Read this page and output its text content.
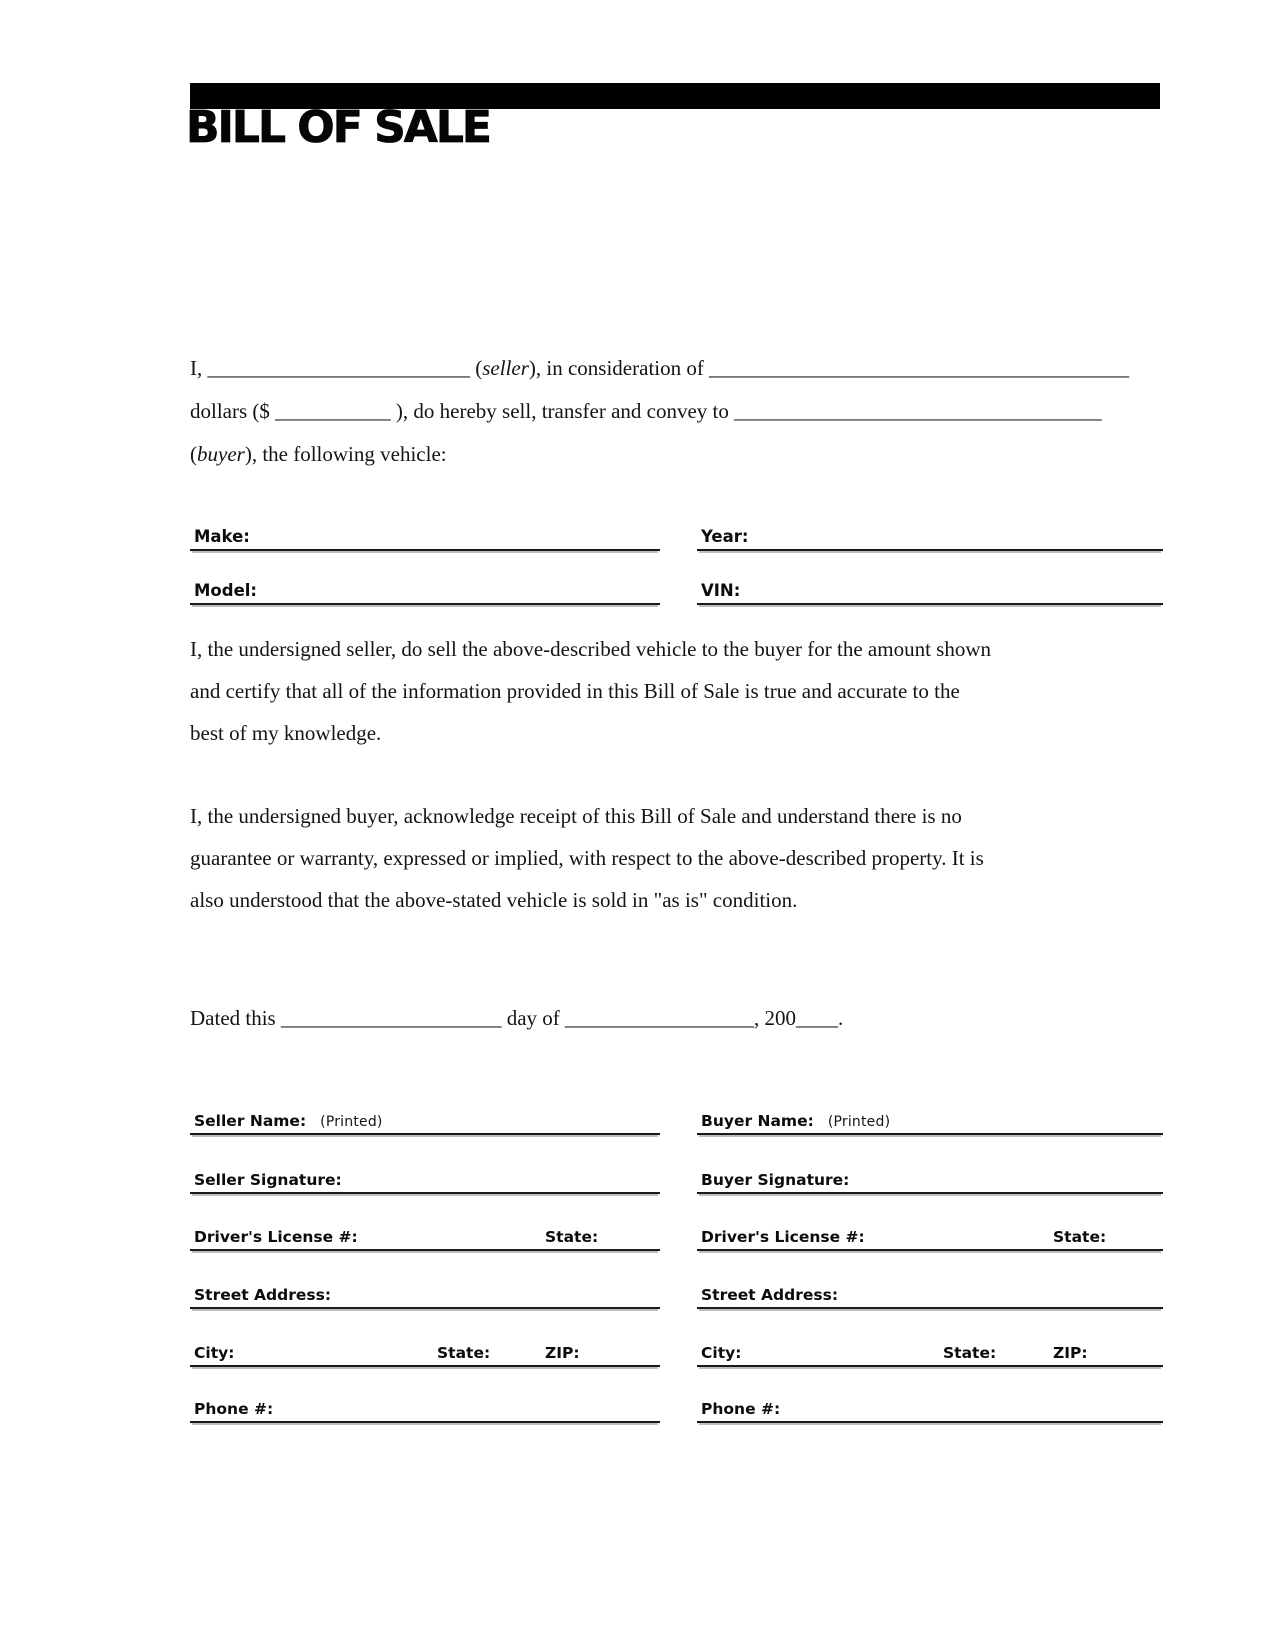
BILL OF SALE
I, _________________________ (seller), in consideration of ________________________________________
dollars ($ ___________ ), do hereby sell, transfer and convey to ___________________________________
(buyer), the following vehicle:
Make:	Year:
Model:	VIN:
I, the undersigned seller, do sell the above-described vehicle to the buyer for the amount shown
and certify that all of the information provided in this Bill of Sale is true and accurate to the
best of my knowledge.
I, the undersigned buyer, acknowledge receipt of this Bill of Sale and understand there is no
guarantee or warranty, expressed or implied, with respect to the above-described property. It is
also understood that the above-stated vehicle is sold in "as is" condition.
Dated this _____________________ day of __________________, 200____.
Seller Name: (Printed)
Seller Signature:
Driver's License #:	State:
Street Address:
City:	State:	ZIP:
Phone #:
Buyer Name: (Printed)
Buyer Signature:
Driver's License #:	State:
Street Address:
City:	State:	ZIP:
Phone #:
